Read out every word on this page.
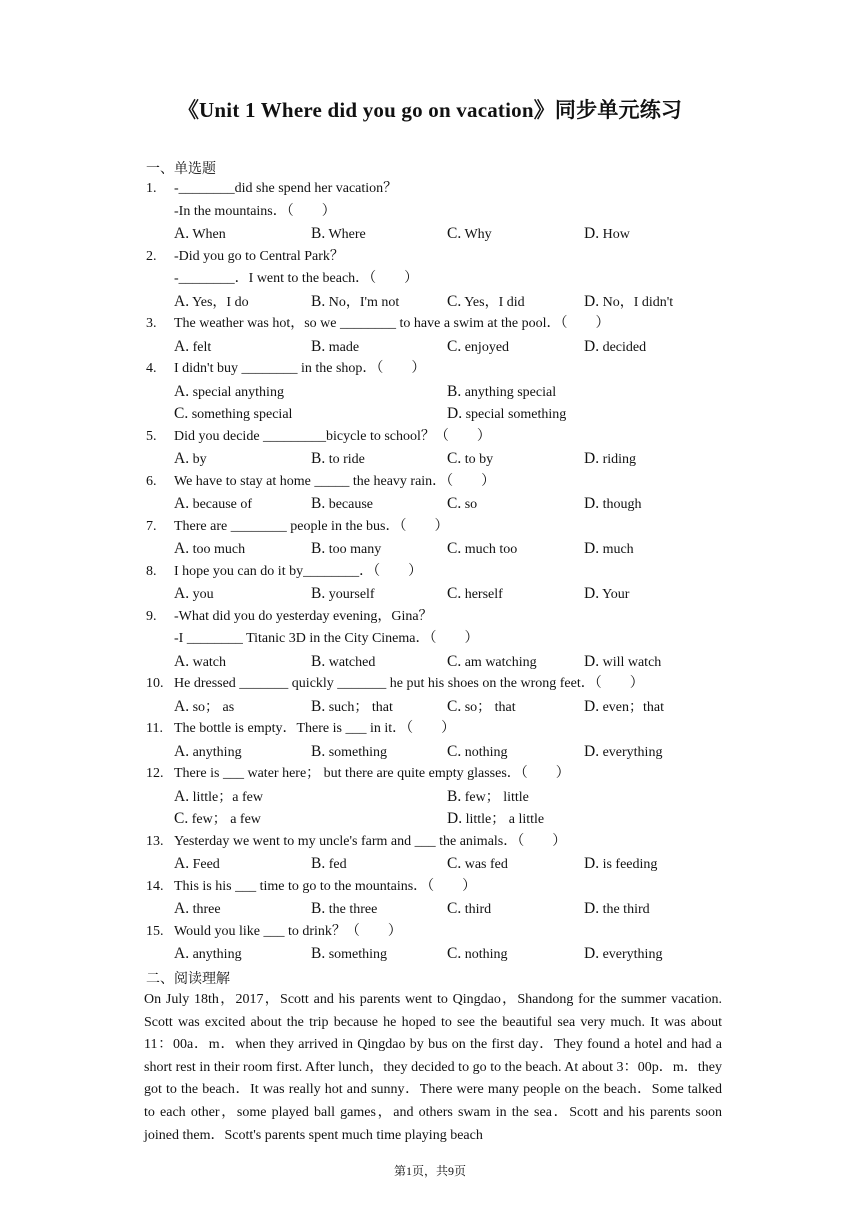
《Unit 1 Where did you go on vacation》同步单元练习
一、单选题
1. -________did she spend her vacation？
-In the mountains．（　　）
A. When	B. Where	C. Why	D. How
2. -Did you go to Central Park？
-________．I went to the beach．（　　）
A. Yes，I do	B. No，I'm not	C. Yes，I did	D. No，I didn't
3. The weather was hot，so we ________ to have a swim at the pool．（　　）
A. felt	B. made	C. enjoyed	D. decided
4. I didn't buy ________ in the shop．（　　）
A. special anything	B. anything special
C. something special	D. special something
5. Did you decide _________bicycle to school？（　　）
A. by	B. to ride	C. to by	D. riding
6. We have to stay at home _____ the heavy rain．（　　）
A. because of	B. because	C. so	D. though
7. There are ________ people in the bus．（　　）
A. too much	B. too many	C. much too	D. much
8. I hope you can do it by________．（　　）
A. you	B. yourself	C. herself	D. Your
9. -What did you do yesterday evening，Gina？
-I ________ Titanic 3D in the City Cinema．（　　）
A. watch	B. watched	C. am watching	D. will watch
10. He dressed _______ quickly _______ he put his shoes on the wrong feet．（　　）
A. so； as	B. such； that	C. so； that	D. even；that
11. The bottle is empty．There is ___ in it．（　　）
A. anything	B. something	C. nothing	D. everything
12. There is ___ water here； but there are quite empty glasses．（　　）
A. little；a few	B. few； little
C. few； a few	D. little； a little
13. Yesterday we went to my uncle's farm and ___ the animals．（　　）
A. Feed	B. fed	C. was fed	D. is feeding
14. This is his ___ time to go to the mountains．（　　）
A. three	B. the three	C. third	D. the third
15. Would you like ___ to drink？（　　）
A. anything	B. something	C. nothing	D. everything
二、阅读理解

On July 18th，2017，Scott and his parents went to Qingdao，Shandong for the summer vacation. Scott was excited about the trip because he hoped to see the beautiful sea very much. It was about 11：00a．m．when they arrived in Qingdao by bus on the first day．They found a hotel and had a short rest in their room first. After lunch，they decided to go to the beach. At about 3：00p．m．they got to the beach．It was really hot and sunny．There were many people on the beach．Some talked to each other，some played ball games，and others swam in the sea．Scott and his parents soon joined them．Scott's parents spent much time playing beach

第1页，共9页
